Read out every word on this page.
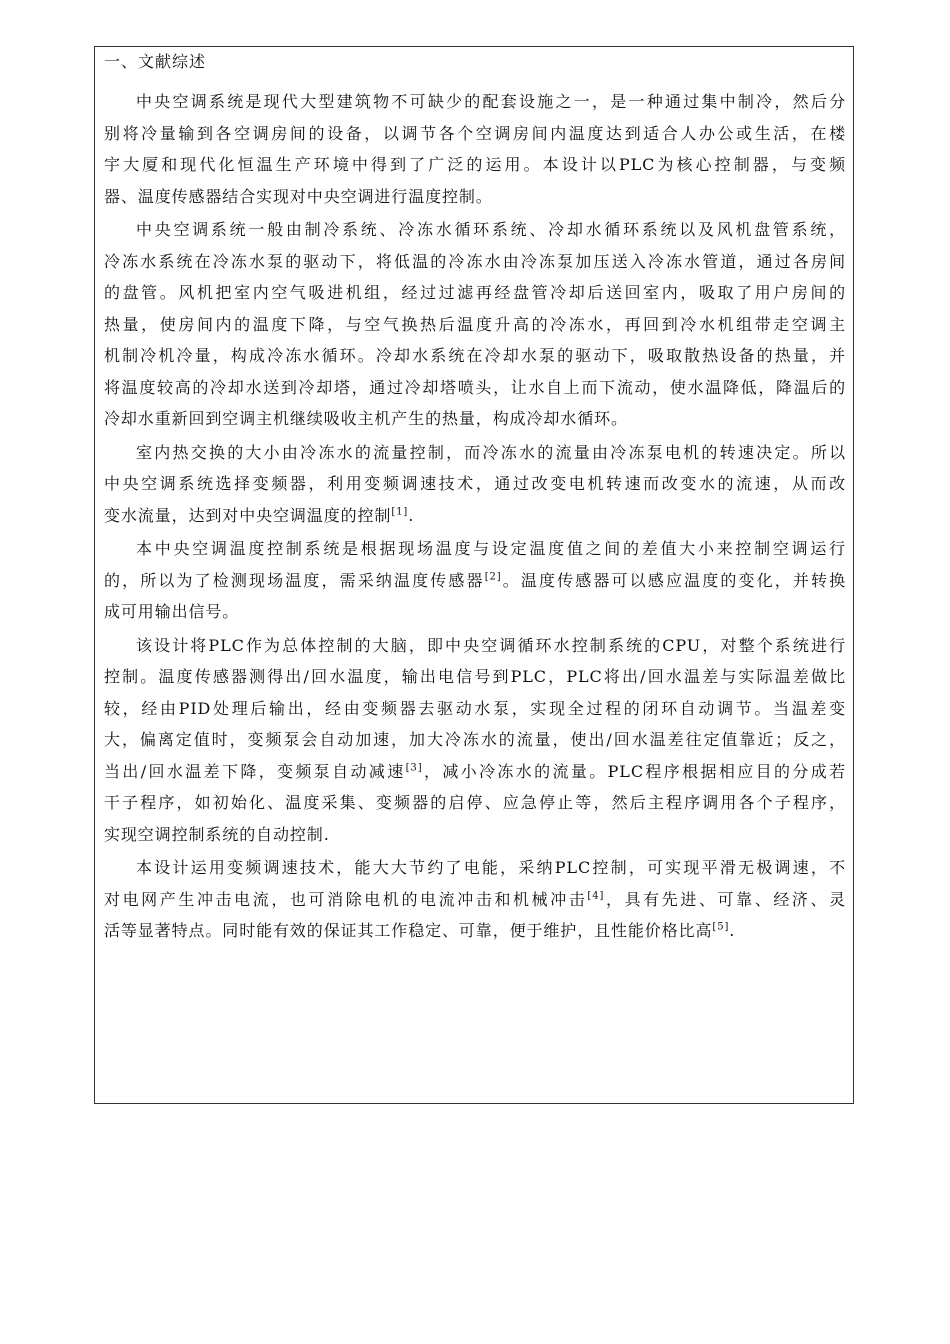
一、文献综述

中央空调系统是现代大型建筑物不可缺少的配套设施之一，是一种通过集中制冷，然后分
别将冷量输到各空调房间的设备，以调节各个空调房间内温度达到适合人办公或生活，在楼
宇大厦和现代化恒温生产环境中得到了广泛的运用。本设计以PLC为核心控制器，与变频
器、温度传感器结合实现对中央空调进行温度控制。

中央空调系统一般由制冷系统、冷冻水循环系统、冷却水循环系统以及风机盘管系统，
冷冻水系统在冷冻水泵的驱动下，将低温的冷冻水由冷冻泵加压送入冷冻水管道，通过各房间
的盘管。风机把室内空气吸进机组，经过过滤再经盘管冷却后送回室内，吸取了用户房间的
热量，使房间内的温度下降，与空气换热后温度升高的冷冻水，再回到冷水机组带走空调主
机制冷机冷量，构成冷冻水循环。冷却水系统在冷却水泵的驱动下，吸取散热设备的热量，并
将温度较高的冷却水送到冷却塔，通过冷却塔喷头，让水自上而下流动，使水温降低，降温后的
冷却水重新回到空调主机继续吸收主机产生的热量，构成冷却水循环。

室内热交换的大小由冷冻水的流量控制，而冷冻水的流量由冷冻泵电机的转速决定。所以
中央空调系统选择变频器，利用变频调速技术，通过改变电机转速而改变水的流速，从而改
变水流量，达到对中央空调温度的控制[1].

本中央空调温度控制系统是根据现场温度与设定温度值之间的差值大小来控制空调运行
的，所以为了检测现场温度，需采纳温度传感器[2]。温度传感器可以感应温度的变化，并转换
成可用输出信号。

该设计将PLC作为总体控制的大脑，即中央空调循环水控制系统的CPU，对整个系统进行
控制。温度传感器测得出/回水温度，输出电信号到PLC，PLC将出/回水温差与实际温差做比
较，经由PID处理后输出，经由变频器去驱动水泵，实现全过程的闭环自动调节。当温差变
大，偏离定值时，变频泵会自动加速，加大冷冻水的流量，使出/回水温差往定值靠近；反之，
当出/回水温差下降，变频泵自动减速[3]，减小冷冻水的流量。PLC程序根据相应目的分成若
干子程序，如初始化、温度采集、变频器的启停、应急停止等，然后主程序调用各个子程序，
实现空调控制系统的自动控制.

本设计运用变频调速技术，能大大节约了电能，采纳PLC控制，可实现平滑无极调速，不
对电网产生冲击电流，也可消除电机的电流冲击和机械冲击[4]，具有先进、可靠、经济、灵
活等显著特点。同时能有效的保证其工作稳定、可靠，便于维护，且性能价格比高[5].
